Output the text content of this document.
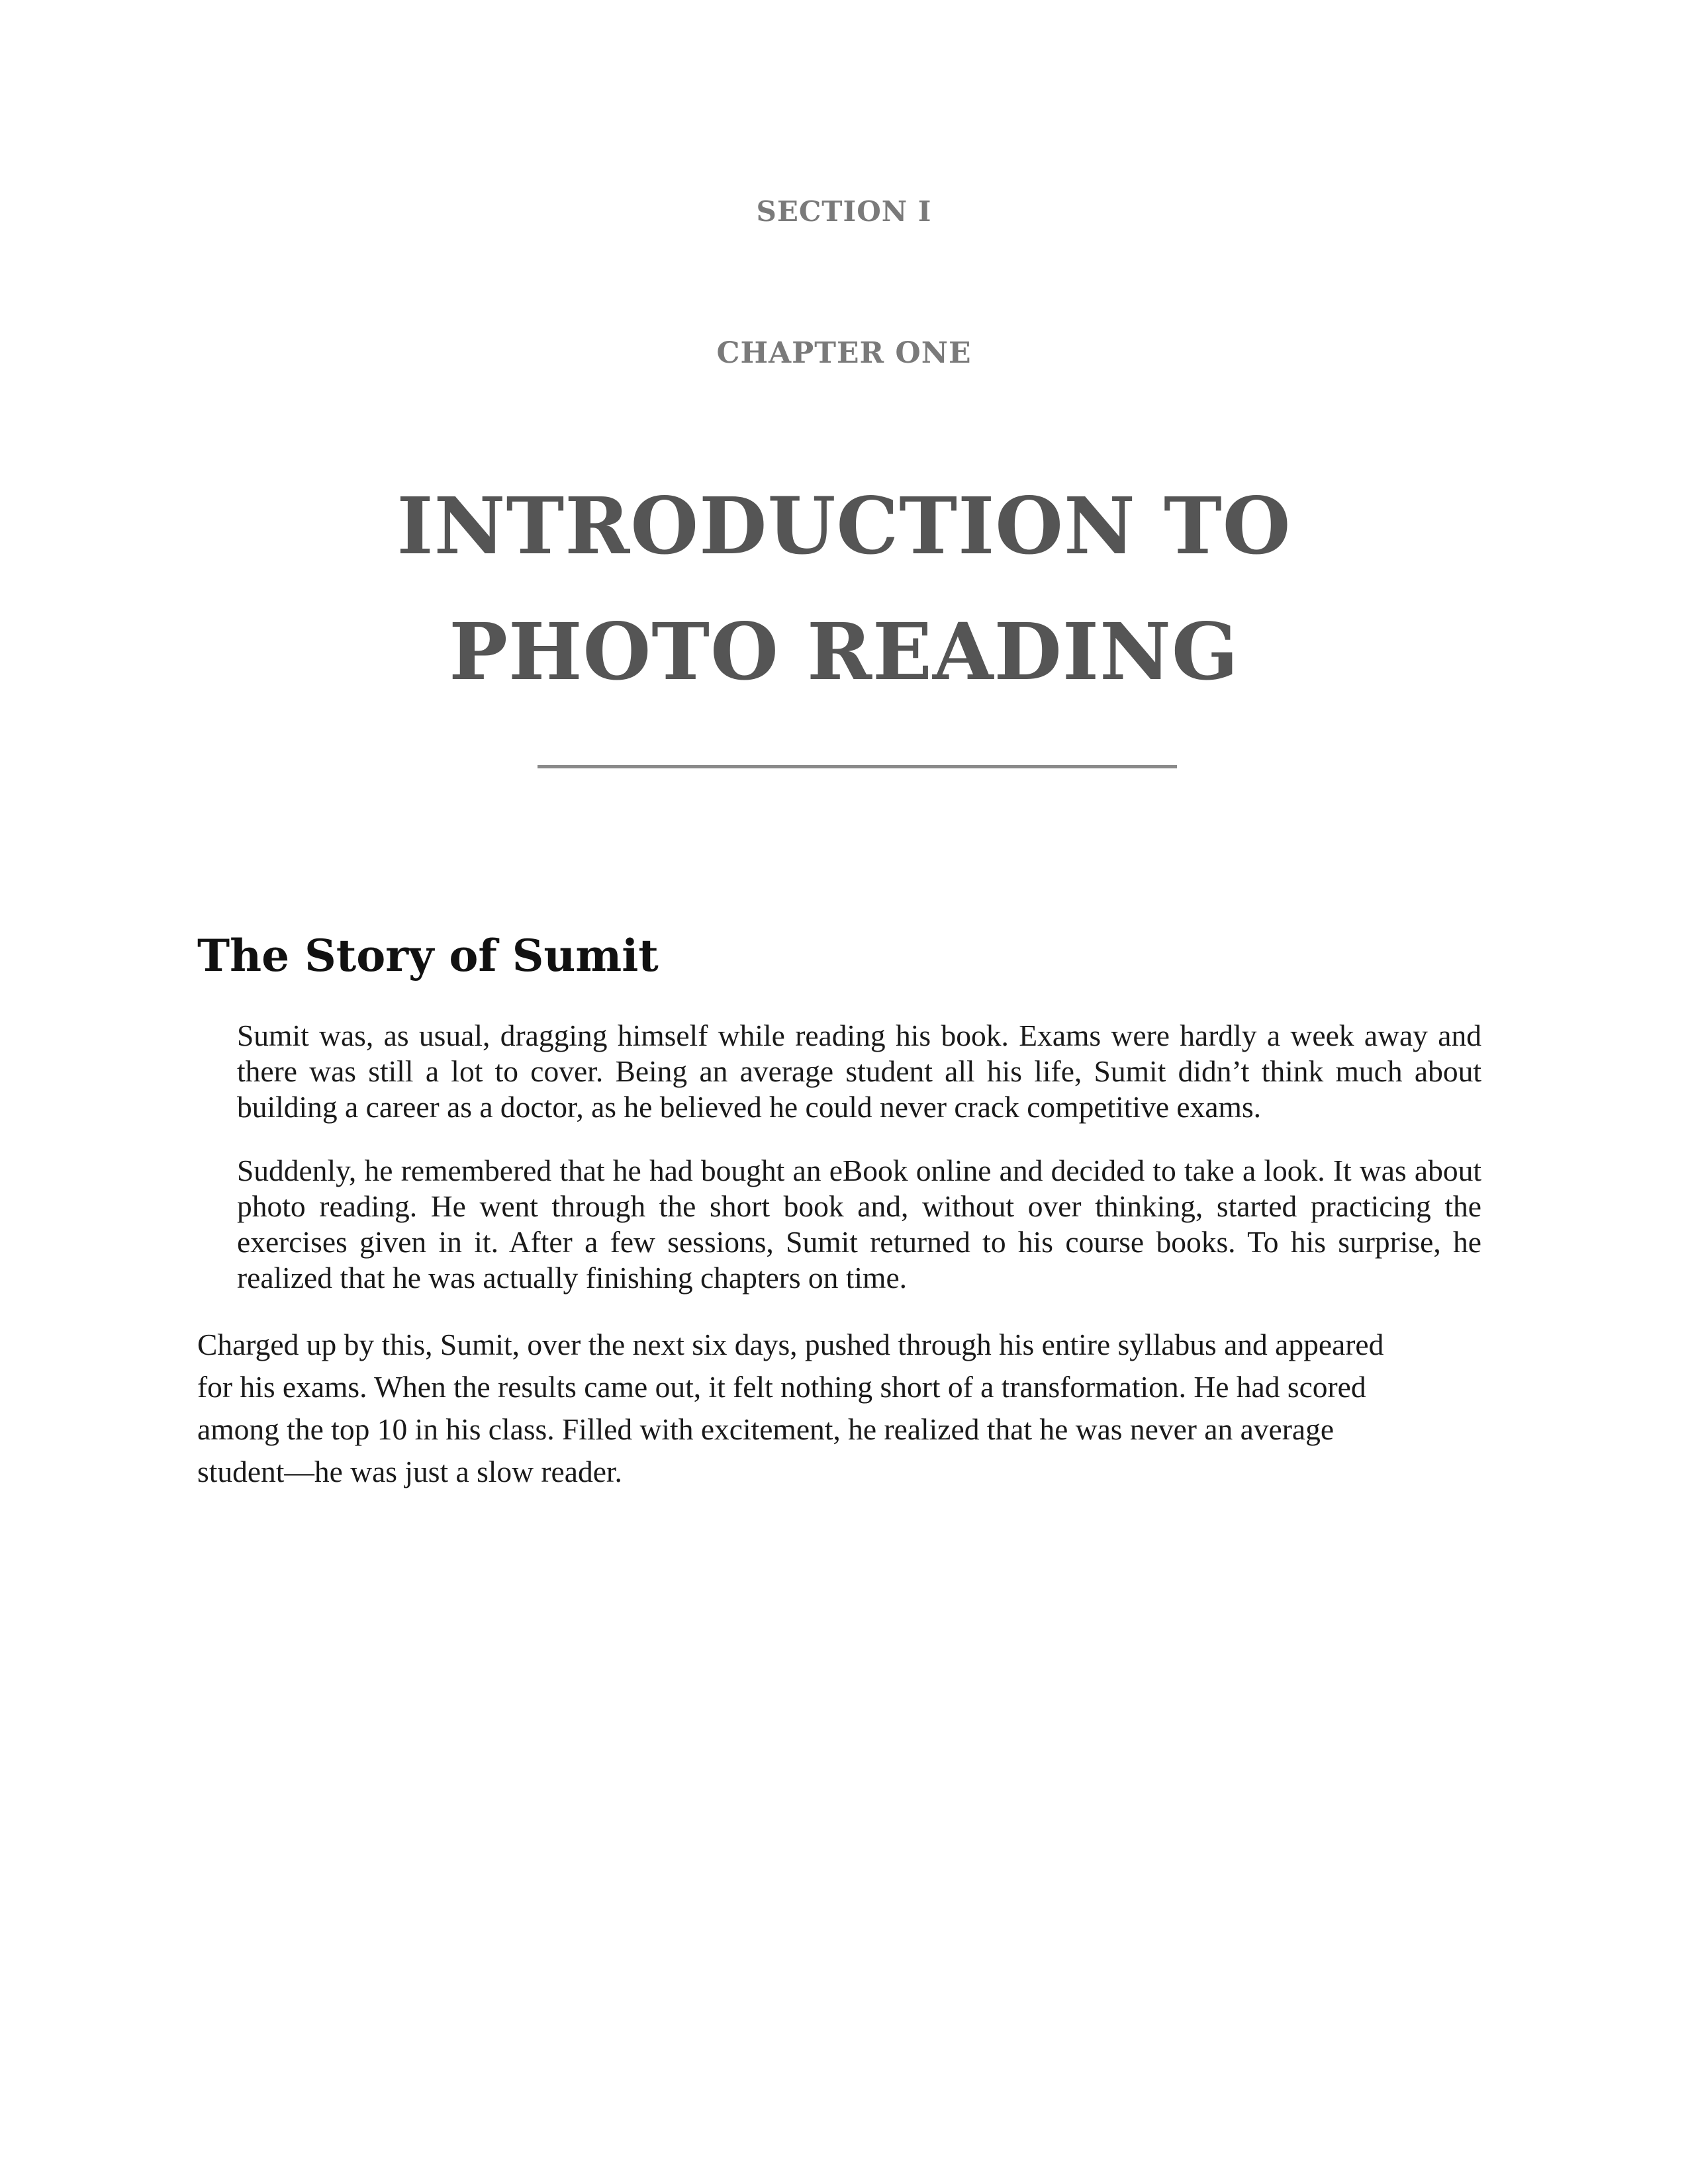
SECTION I
CHAPTER ONE
INTRODUCTION TO
PHOTO READING
The Story of Sumit

Sumit was, as usual, dragging himself while reading his book. Exams were hardly a week away and there was still a lot to cover. Being an average student all his life, Sumit didn’t think much about building a career as a doctor, as he believed he could never crack competitive exams.

Suddenly, he remembered that he had bought an eBook online and decided to take a look. It was about photo reading. He went through the short book and, without over thinking, started practicing the exercises given in it. After a few sessions, Sumit returned to his course books. To his surprise, he realized that he was actually finishing chapters on time.

Charged up by this, Sumit, over the next six days, pushed through his entire syllabus and appeared
for his exams. When the results came out, it felt nothing short of a transformation. He had scored
among the top 10 in his class. Filled with excitement, he realized that he was never an average
student—he was just a slow reader.
